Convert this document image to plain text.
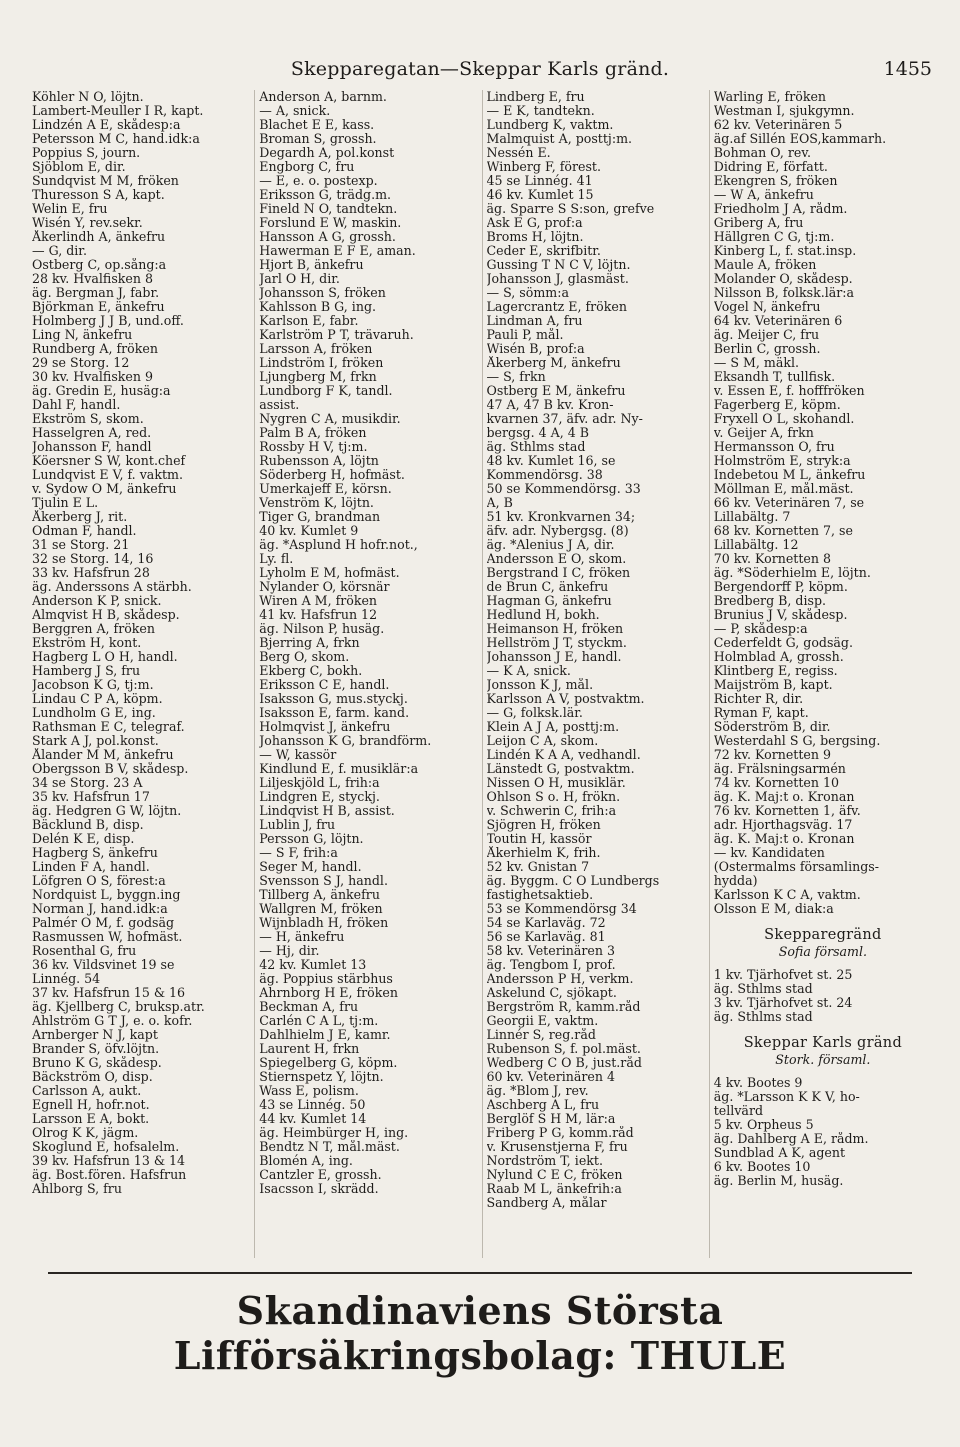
Skepparegatan—Skeppar Karls gränd.	1455
Köhler N O, löjtn.
Lambert-Meuller I R, kapt.
Lindzén A E, skådesp:a
Petersson M C, hand.idk:a
Poppius S, journ.
Sjöblom E, dir.
Sundqvist M M, fröken
Thuresson S A, kapt.
Welin E, fru
Wisén Y, rev.sekr.
Åkerlindh A, änkefru
— G, dir.
Östberg C, op.sång:a
28 kv. Hvalfisken 8
äg. Bergman J, fabr.
Björkman E, änkefru
Holmberg J J B, und.off.
Ling N, änkefru
Rundberg A, fröken
29 se Storg. 12
30 kv. Hvalfisken 9
äg. Gredin E, husäg:a
Dahl F, handl.
Ekström S, skom.
Hasselgren A, red.
Johansson F, handl
Köersner S W, kont.chef
Lundqvist E V, f. vaktm.
v. Sydow O M, änkefru
Tjulin E L.
Åkerberg J, rit.
Ödman F, handl.
31 se Storg. 21
32 se Storg. 14, 16
33 kv. Hafsfrun 28
äg. Anderssons A stärbh.
Anderson K P, snick.
Almqvist H B, skådesp.
Berggren A, fröken
Ekström H, kont.
Hagberg L O H, handl.
Hamberg J S, fru
Jacobson K G, tj:m.
Lindau C P A, köpm.
Lundholm G E, ing.
Rathsman E C, telegraf.
Stark A J, pol.konst.
Ålander M M, änkefru
Öbergsson B V, skådesp.
34 se Storg. 23 A
35 kv. Hafsfrun 17
äg. Hedgren G W, löjtn.
Bäcklund B, disp.
Delén K E, disp.
Hagberg S, änkefru
Linden F A, handl.
Löfgren O S, förest:a
Nordquist L, byggn.ing
Norman J, hand.idk:a
Palmér O M, f. godsäg
Rasmussen W, hofmäst.
Rosenthal G, fru
36 kv. Vildsvinet 19 se
Linnég. 54
37 kv. Hafsfrun 15 & 16
äg. Kjellberg C, bruksp.atr.
Ahlström G T J, e. o. kofr.
Arnberger N J, kapt
Brander S, öfv.löjtn.
Bruno K G, skådesp.
Bäckström O, disp.
Carlsson A, aukt.
Egnell H, hofr.not.
Larsson E A, bokt.
Olrog K K, jägm.
Skoglund E, hofsalelm.
39 kv. Hafsfrun 13 & 14
äg. Bost.fören. Hafsfrun
Ahlborg S, fru
Anderson A, barnm.
— A, snick.
Blachet E E, kass.
Broman S, grossh.
Degardh A, pol.konst
Engborg C, fru
— E, e. o. postexp.
Eriksson G, trädg.m.
Fineld N O, tandtekn.
Forslund E W, maskin.
Hansson A G, grossh.
Hawerman E F E, aman.
Hjort B, änkefru
Jarl O H, dir.
Johansson S, fröken
Kahlsson B G, ing.
Karlson E, fabr.
Karlström P T, trävaruh.
Larsson A, fröken
Lindström I, fröken
Ljungberg M, frkn
Lundborg F K, tandl.
assist.
Nygren C A, musikdir.
Palm B A, fröken
Rossby H V, tj:m.
Rubensson A, löjtn
Söderberg H, hofmäst.
Umerkajeff E, körsn.
Venström K, löjtn.
Tiger G, brandman
40 kv. Kumlet 9
äg. *Asplund H hofr.not.,
Ly. fl.
Lyholm E M, hofmäst.
Nylander O, körsnär
Wiren A M, fröken
41 kv. Hafsfrun 12
äg. Nilson P, husäg.
Bjerring A, frkn
Berg O, skom.
Ekberg C, bokh.
Eriksson C E, handl.
Isaksson G, mus.styckj.
Isaksson E, farm. kand.
Holmqvist J, änkefru
Johansson K G, brandförm.
— W, kassör
Kindlund E, f. musiklär:a
Liljeskjöld L, frih:a
Lindgren E, styckj.
Lindqvist H B, assist.
Lublin J, fru
Persson G, löjtn.
— S F, frih:a
Seger M, handl.
Svensson S J, handl.
Tillberg A, änkefru
Wallgren M, fröken
Wijnbladh H, fröken
— H, änkefru
— Hj, dir.
42 kv. Kumlet 13
äg. Poppius stärbhus
Ahrnborg H E, fröken
Beckman A, fru
Carlén C A L, tj:m.
Dahlhielm J E, kamr.
Laurent H, frkn
Spiegelberg G, köpm.
Stiernspetz Y, löjtn.
Wass E, polism.
43 se Linnég. 50
44 kv. Kumlet 14
äg. Heimbürger H, ing.
Bendtz N T, mål.mäst.
Blomén A, ing.
Cantzler E, grossh.
Isacsson I, skrädd.
Lindberg E, fru
— E K, tandtekn.
Lundberg K, vaktm.
Malmquist A, posttj:m.
Nessén E.
Winberg F, förest.
45 se Linnég. 41
46 kv. Kumlet 15
äg. Sparre S S:son, grefve
Ask E G, prof:a
Broms H, löjtn.
Ceder E, skrifbitr.
Gussing T N C V, löjtn.
Johansson J, glasmäst.
— S, sömm:a
Lagercrantz E, fröken
Lindman A, fru
Pauli P, mål.
Wisén B, prof:a
Åkerberg M, änkefru
— S, frkn
Östberg E M, änkefru
47 A, 47 B kv. Kron-
kvarnen 37, äfv. adr. Ny-
bergsg. 4 A, 4 B
äg. Sthlms stad
48 kv. Kumlet 16, se
Kommendörsg. 38
50 se Kommendörsg. 33
A, B
51 kv. Kronkvarnen 34;
äfv. adr. Nybergsg. (8)
äg. *Alenius J A, dir.
Andersson E O, skom.
Bergstrand I C, fröken
de Brun C, änkefru
Hagman G, änkefru
Hedlund H, bokh.
Heimanson H, fröken
Hellström J T, styckm.
Johansson J E, handl.
— K A, snick.
Jonsson K J, mål.
Karlsson A V, postvaktm.
— G, folksk.lär.
Klein A J A, posttj:m.
Leijon C A, skom.
Lindén K A A, vedhandl.
Länstedt G, postvaktm.
Nissen O H, musiklär.
Ohlson S o. H, frökn.
v. Schwerin C, frih:a
Sjögren H, fröken
Toutin H, kassör
Åkerhielm K, frih.
52 kv. Gnistan 7
äg. Byggm. C O Lundbergs
fastighetsaktieb.
53 se Kommendörsg 34
54 se Karlaväg. 72
56 se Karlaväg. 81
58 kv. Veterinären 3
äg. Tengbom I, prof.
Andersson P H, verkm.
Askelund C, sjökapt.
Bergström R, kamm.råd
Georgii E, vaktm.
Linnér S, reg.råd
Rubenson S, f. pol.mäst.
Wedberg C O B, just.råd
60 kv. Veterinären 4
äg. *Blom J, rev.
Aschberg A L, fru
Berglöf S H M, lär:a
Friberg P G, komm.råd
v. Krusenstjerna F, fru
Nordström T, iekt.
Nylund C E C, fröken
Raab M L, änkefrih:a
Sandberg A, målar
Warling E, fröken
Westman I, sjukgymn.
62 kv. Veterinären 5
äg.af Sillén EOS,kammarh.
Bohman O, rev.
Didring E, författ.
Ekengren S, fröken
— W A, änkefru
Friedholm J A, rådm.
Griberg A, fru
Hällgren C G, tj:m.
Kinberg L, f. stat.insp.
Maule A, fröken
Molander O, skådesp.
Nilsson B, folksk.lär:a
Vogel N, änkefru
64 kv. Veterinären 6
äg. Meijer C, fru
Berlin C, grossh.
— S M, mäkl.
Eksandh T, tullfisk.
v. Essen E, f. hofffröken
Fagerberg E, köpm.
Fryxell O L, skohandl.
v. Geijer A, frkn
Hermansson O, fru
Holmström E, stryk:a
Indebetou M L, änkefru
Möllman E, mål.mäst.
66 kv. Veterinären 7, se
Lillabältg. 7
68 kv. Kornetten 7, se
Lillabältg. 12
70 kv. Kornetten 8
äg. *Söderhielm E, löjtn.
Bergendorff P, köpm.
Bredberg B, disp.
Brunius J V, skådesp.
— P, skådesp:a
Cederfeldt G, godsäg.
Holmblad A, grossh.
Klintberg E, regiss.
Maijström B, kapt.
Richter R, dir.
Ryman F, kapt.
Söderström B, dir.
Westerdahl S G, bergsing.
72 kv. Kornetten 9
äg. Frälsningsarmén
74 kv. Kornetten 10
äg. K. Maj:t o. Kronan
76 kv. Kornetten 1, äfv.
adr. Hjorthagsväg. 17
äg. K. Maj:t o. Kronan
— kv. Kandidaten
(Östermalms församlings-
hydda)
Karlsson K C A, vaktm.
Olsson E M, diak:a
Skepparegränd
Sofia församl.
1 kv. Tjärhofvet st. 25
äg. Sthlms stad
3 kv. Tjärhofvet st. 24
äg. Sthlms stad
Skeppar Karls gränd
Stork. församl.
4 kv. Bootes 9
äg. *Larsson K K V, ho-
tellvärd
5 kv. Orpheus 5
äg. Dahlberg A E, rådm.
Sundblad A K, agent
6 kv. Bootes 10
äg. Berlin M, husäg.
Skandinaviens Största Lifförsäkringsbolag: THULE
